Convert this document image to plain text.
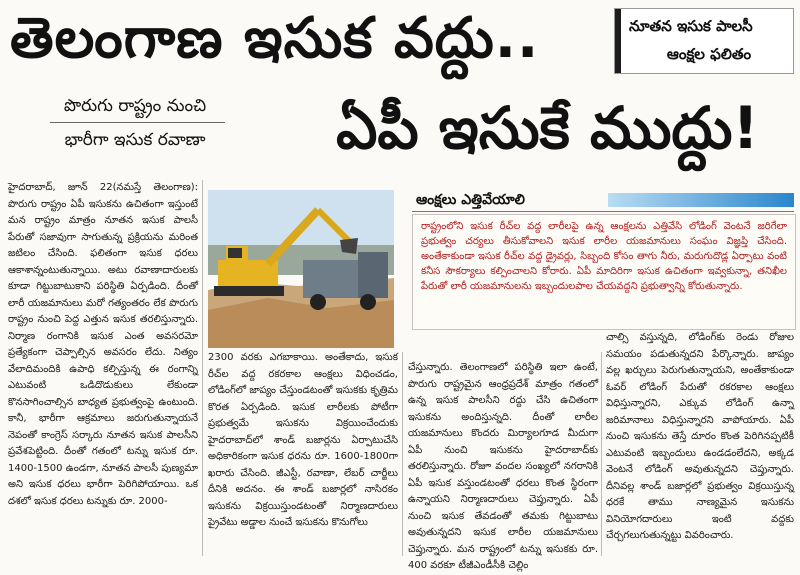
తెలంగాణ ఇసుక వద్దు..	నూతన ఇసుక పాలసీ
ఆంక్షల ఫలితం
పొరుగు రాష్ట్రం నుంచి
భారీగా ఇసుక రవాణా	ఏపీ ఇసుకే ముద్దు!

హైదరాబాద్, జూన్ 22(నమస్తే తెలంగాణ): పొరుగు రాష్ట్రం ఏపీ ఇసుకను ఉచితంగా ఇస్తుంటే మన రాష్ట్రం మాత్రం నూతన ఇసుక పాలసీ పేరుతో సజావుగా సాగుతున్న ప్రక్రియను మరింత జటిలం చేసింది. ఫలితంగా ఇసుక ధరలు ఆకాశాన్నంటుతున్నాయి. అటు రవాణాదారులకు కూడా గిట్టుబాటుకాని పరిస్థితి ఏర్పడింది. దీంతో లారీ యజమానులు మరో గత్యంతరం లేక పొరుగు రాష్ట్రం నుంచి పెద్ద ఎత్తున ఇసుక తరలిస్తున్నారు. నిర్మాణ రంగానికి ఇసుక ఎంత అవసరమో ప్రత్యేకంగా చెప్పాల్సిన అవసరం లేదు. నిత్యం వేలాదిమందికి ఉపాధి కల్పిస్తున్న ఈ రంగాన్ని ఎటువంటి ఒడిదొడుకులు లేకుండా కొనసాగించాల్సిన బాధ్యత ప్రభుత్వంపై ఉంటుంది. కానీ, భారీగా ఆక్రమాలు జరుగుతున్నాయనే నెపంతో కాంగ్రెస్ సర్కారు నూతన ఇసుక పాలసీని ప్రవేశపెట్టింది. దీంతో గతంలో టన్ను ఇసుక రూ. 1400-1500 ఉండగా, నూతన పాలసీ పుణ్యమా అని ఇసుక ధరలు భారీగా పెరిగిపోయాయి. ఒక దశలో ఇసుక ధరలు టన్నుకు రూ. 2000-

2300 వరకు ఎగబాకాయి. అంతేకాదు, ఇసుక రీచ్‌ల వద్ద రకరకాల ఆంక్షలు విధించడం, లోడింగ్‌లో జాప్యం చేస్తుండటంతో ఇసుకకు కృత్రిమ కొరత ఏర్పడింది. ఇసుక లారీలకు పోటీగా ప్రభుత్వమే ఇసుకను విక్రయించేందుకు హైదరాబాద్‌లో శాండ్ బజార్లను ఏర్పాటుచేసి అధికారికంగా ఇసుక ధరను రూ. 1600-1800గా ఖరారు చేసింది. జీఎస్టీ, రవాణా, లేబర్ చార్జీలు దీనికి అదనం. ఈ శాండ్ బజార్లలో నాసిరకం ఇసుకను విక్రయిస్తుండటంతో నిర్మాణదారులు ప్రైవేటు అడ్డాల నుంచే ఇసుకను కొనుగోలు

ఆంక్షలు ఎత్తివేయాలి

రాష్ట్రంలోని ఇసుక రీచ్‌ల వద్ద లారీలపై ఉన్న ఆంక్షలను ఎత్తివేసి లోడింగ్ వెంటనే జరిగేలా ప్రభుత్వం చర్యలు తీసుకోవాలని ఇసుక లారీల యజమానులు సంఘం విజ్ఞప్తి చేసింది. అంతేకాకుండా ఇసుక రీచ్‌ల వద్ద డ్రైవర్లు, సిబ్బంది కోసం తాగు నీరు, మరుగుదొడ్ల ఏర్పాటు వంటి కనీస సౌకర్యాలు కల్పించాలని కోరారు. ఏపీ మాదిరిగా ఇసుక ఉచితంగా ఇవ్వకున్నా, తనిఖీల పేరుతో లారీ యజమానులను ఇబ్బందులపాల చేయవద్దని ప్రభుత్వాన్ని కోరుతున్నారు.

చేస్తున్నారు. తెలంగాణలో పరిస్థితి ఇలా ఉంటే, పొరుగు రాష్ట్రమైన ఆంధ్రప్రదేశ్ మాత్రం గతంలో ఉన్న ఇసుక పాలసీని రద్దు చేసి ఉచితంగా ఇసుకను అందిస్తున్నది. దీంతో లారీల యజమానులు కొందరు మిర్యాలగూడ మీదుగా ఏపీ నుంచి ఇసుకను హైదరాబాద్‌కు తరలిస్తున్నారు. రోజూ వందల సంఖ్యలో నగరానికి ఏపీ ఇసుక వస్తుండటంతో ధరలు కొంత స్థిరంగా ఉన్నాయని నిర్మాణదారులు చెప్తున్నారు. ఏపీ నుంచి ఇసుక తేవడంతో తమకు గిట్టుబాటు అవుతున్నదని ఇసుక లారీల యజమానులు చెప్తున్నారు. మన రాష్ట్రంలో టన్ను ఇసుకకు రూ. 400 వరకూ టీజీఎండీసీకి చెల్లిం

చాల్సి వస్తున్నది, లోడింగ్‌కు రెండు రోజుల సమయం పడుతున్నదని పేర్కొన్నారు. జాప్యం వల్ల ఖర్చులు పెరుగుతున్నాయని, అంతేకాకుండా ఓవర్ లోడింగ్ పేరుతో రకరకాల ఆంక్షలు విధిస్తున్నారని, ఎక్కువ లోడింగ్ ఉన్నా జరిమానాలు విధిస్తున్నారని వాపోయారు. ఏపీ నుంచి ఇసుకను తెస్తే దూరం కొంత పెరిగినప్పటికీ ఎటువంటి ఇబ్బందులు ఉండడంలేదని, అక్కడ వెంటనే లోడింగ్ అవుతున్నదని చెప్తున్నారు. దీనివల్ల శాండ్ బజార్లలో ప్రభుత్వం విక్రయిస్తున్న ధరకే తాము నాణ్యమైన ఇసుకను వినియోగదారులు ఇంటి వద్దకు చేర్చగలుగుతున్నట్టు వివరించారు.
